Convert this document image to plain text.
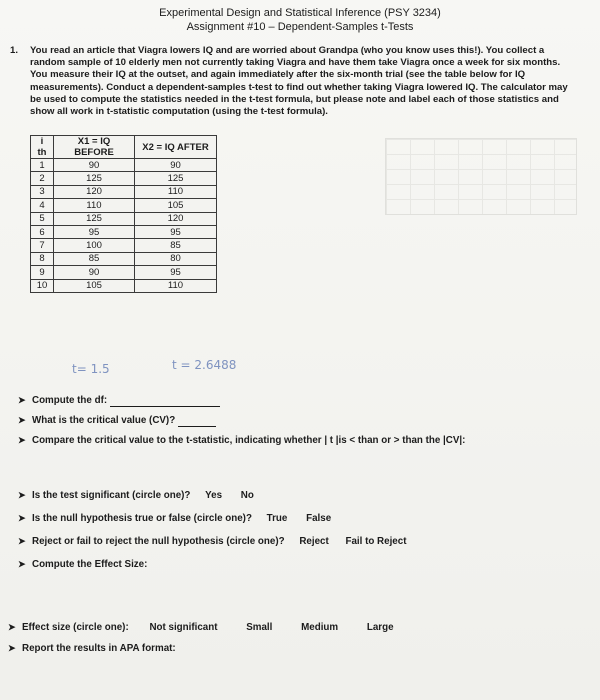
Experimental Design and Statistical Inference (PSY 3234)
Assignment #10 – Dependent-Samples t-Tests
1. You read an article that Viagra lowers IQ and are worried about Grandpa (who you know uses this!). You collect a random sample of 10 elderly men not currently taking Viagra and have them take Viagra once a week for six months. You measure their IQ at the outset, and again immediately after the six-month trial (see the table below for IQ measurements). Conduct a dependent-samples t-test to find out whether taking Viagra lowered IQ. The calculator may be used to compute the statistics needed in the t-test formula, but please note and label each of those statistics and show all work in t-statistic computation (using the t-test formula).
i th	X1 = IQ BEFORE	X2 = IQ AFTER
1	90	90
2	125	125
3	120	110
4	110	105
5	125	120
6	95	95
7	100	85
8	85	80
9	90	95
10	105	110
t= 1.5	t = 2.6488
➤ Compute the df:
➤ What is the critical value (CV)?
➤ Compare the critical value to the t-statistic, indicating whether | t |is < than or > than the |CV|:
➤ Is the test significant (circle one)? Yes No
➤ Is the null hypothesis true or false (circle one)? True False
➤ Reject or fail to reject the null hypothesis (circle one)? Reject Fail to Reject
➤ Compute the Effect Size:
➤ Effect size (circle one): Not significant	Small	Medium	Large
➤ Report the results in APA format:
